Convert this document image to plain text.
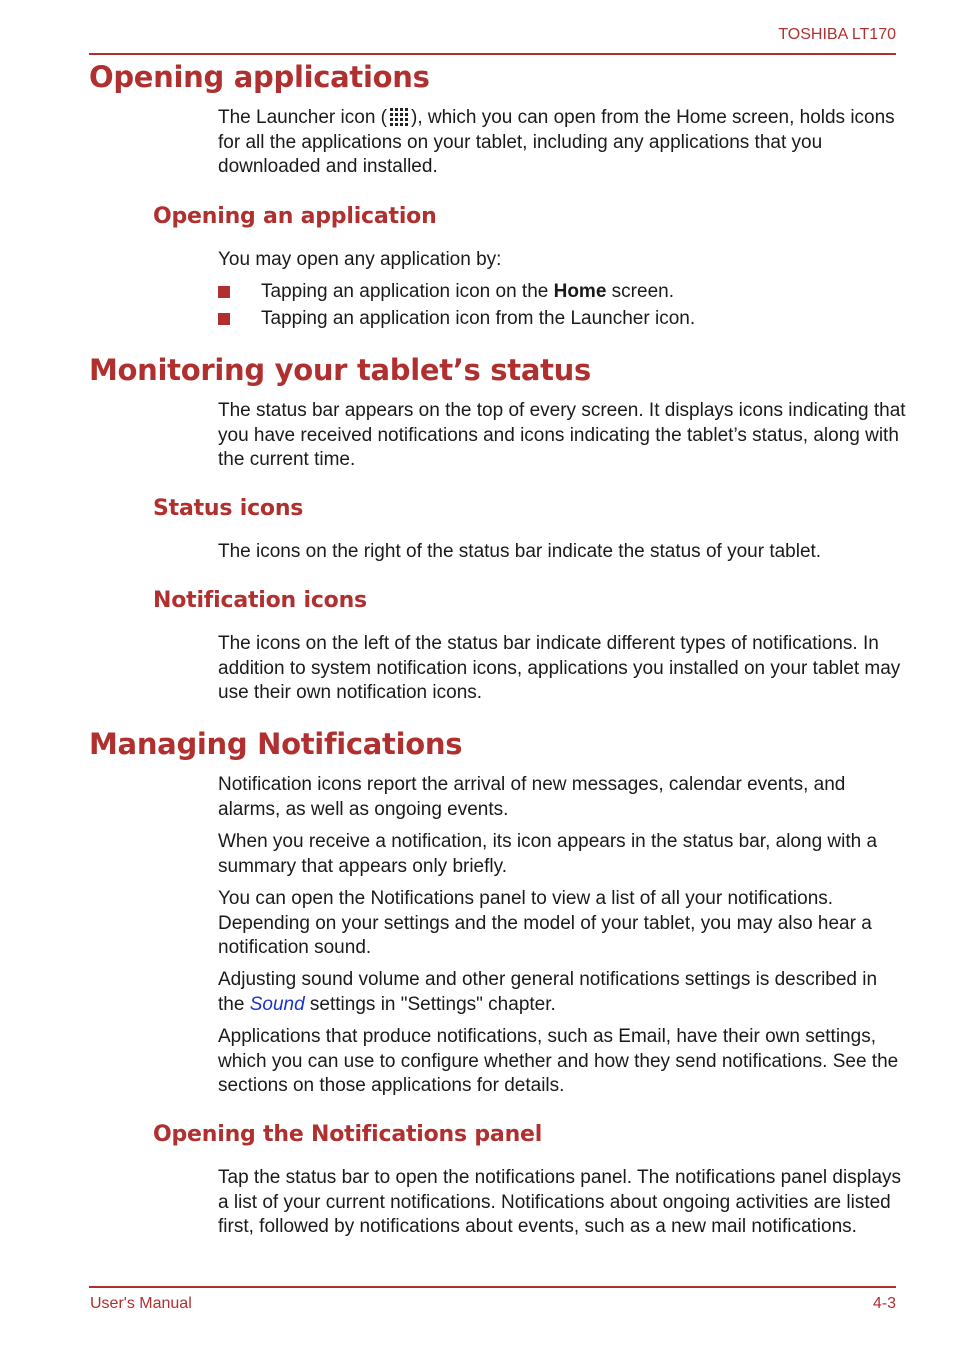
TOSHIBA LT170
Opening applications
The Launcher icon ( ), which you can open from the Home screen, holds icons for all the applications on your tablet, including any applications that you downloaded and installed.
Opening an application
You may open any application by:
Tapping an application icon on the Home screen.
Tapping an application icon from the Launcher icon.
Monitoring your tablet’s status
The status bar appears on the top of every screen. It displays icons indicating that you have received notifications and icons indicating the tablet’s status, along with the current time.
Status icons
The icons on the right of the status bar indicate the status of your tablet.
Notification icons
The icons on the left of the status bar indicate different types of notifications. In addition to system notification icons, applications you installed on your tablet may use their own notification icons.
Managing Notifications
Notification icons report the arrival of new messages, calendar events, and alarms, as well as ongoing events.
When you receive a notification, its icon appears in the status bar, along with a summary that appears only briefly.
You can open the Notifications panel to view a list of all your notifications. Depending on your settings and the model of your tablet, you may also hear a notification sound.
Adjusting sound volume and other general notifications settings is described in the Sound settings in "Settings" chapter.
Applications that produce notifications, such as Email, have their own settings, which you can use to configure whether and how they send notifications. See the sections on those applications for details.
Opening the Notifications panel
Tap the status bar to open the notifications panel. The notifications panel displays a list of your current notifications. Notifications about ongoing activities are listed first, followed by notifications about events, such as a new mail notifications.
User's Manual	4-3
